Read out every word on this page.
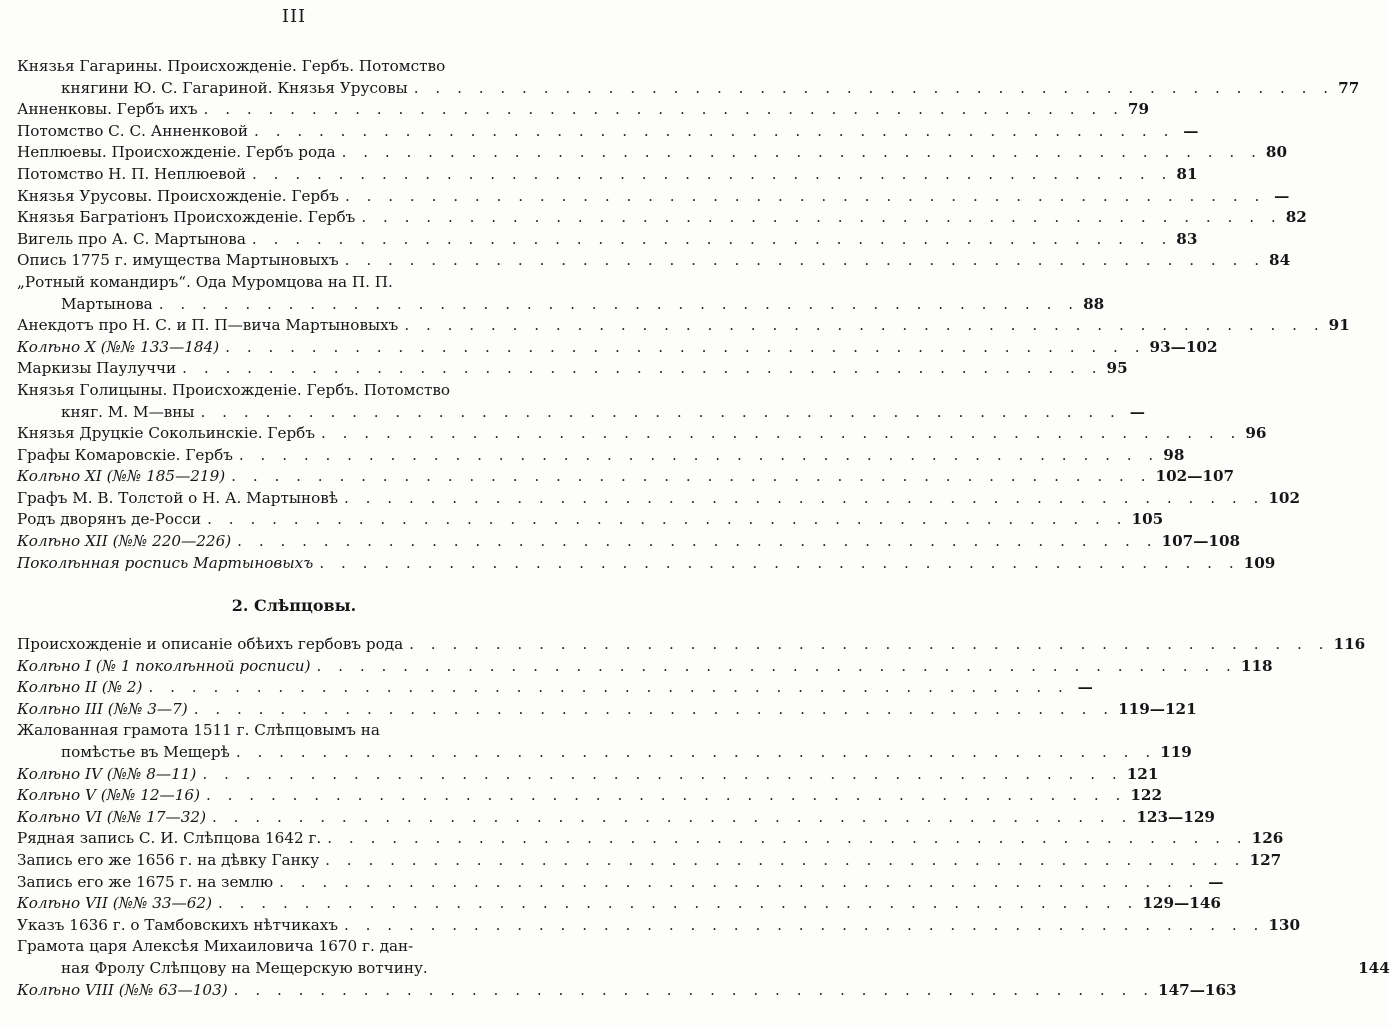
III
Князья Гагарины. Происхожденіе. Гербъ. Потомство
княгини Ю. С. Гагариной. Князья Урусовы . . .	77
Анненковы. Гербъ ихъ . . .	79
Потомство С. С. Анненковой . . .	—
Неплюевы. Происхожденіе. Гербъ рода . . .	80
Потомство Н. П. Неплюевой . . .	81
Князья Урусовы. Происхожденіе. Гербъ . . .	—
Князья Багратіонъ Происхожденіе. Гербъ . . .	82
Вигель про А. С. Мартынова . . .	83
Опись 1775 г. имущества Мартыновыхъ . . .	84
„Ротный командиръ“. Ода Муромцова на П. П.
Мартынова . . .	88
Анекдотъ про Н. С. и П. П—вича Мартыновыхъ . . .	91
Колѣно X (№№ 133—184) . . .	93—102
Маркизы Паулуччи . . .	95
Князья Голицыны. Происхожденіе. Гербъ. Потомство
княг. М. М—вны . . .	—
Князья Друцкіе Сокольинскіе. Гербъ . . .	96
Графы Комаровскіе. Гербъ . . .	98
Колѣно XI (№№ 185—219) . . .	102—107
Графъ М. В. Толстой о Н. А. Мартыновѣ . . .	102
Родъ дворянъ де-Росси . . .	105
Колѣно XII (№№ 220—226) . . .	107—108
Поколѣнная роспись Мартыновыхъ . . .	109
2. Слѣпцовы.
Происхожденіе и описаніе обѣихъ гербовъ рода . . .	116
Колѣно I (№ 1 поколѣнной росписи) . . .	118
Колѣно II (№ 2) . . .	—
Колѣно III (№№ 3—7) . . .	119—121
Жалованная грамота 1511 г. Слѣпцовымъ на
помѣстье въ Мещерѣ . . .	119
Колѣно IV (№№ 8—11) . . .	121
Колѣно V (№№ 12—16) . . .	122
Колѣно VI (№№ 17—32) . . .	123—129
Рядная запись С. И. Слѣпцова 1642 г. . . .	126
Запись его же 1656 г. на дѣвку Ганку . . .	127
Запись его же 1675 г. на землю . . .	—
Колѣно VII (№№ 33—62) . . .	129—146
Указъ 1636 г. о Тамбовскихъ нѣтчикахъ . . .	130
Грамота царя Алексѣя Михаиловича 1670 г. дан-
ная Фролу Слѣпцову на Мещерскую вотчину.	144
Колѣно VIII (№№ 63—103) . . .	147—163
